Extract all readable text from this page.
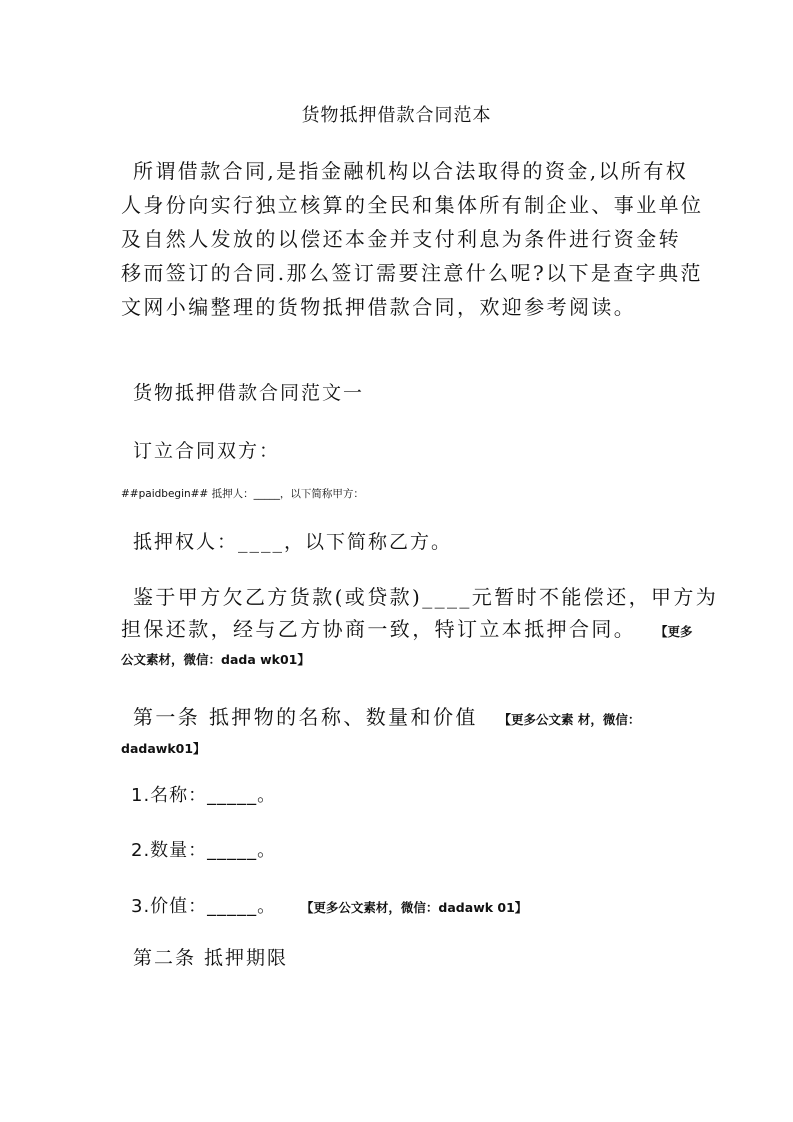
货物抵押借款合同范本
所谓借款合同,是指金融机构以合法取得的资金,以所有权
人身份向实行独立核算的全民和集体所有制企业、事业单位
及自然人发放的以偿还本金并支付利息为条件进行资金转
移而签订的合同.那么签订需要注意什么呢?以下是查字典范
文网小编整理的货物抵押借款合同，欢迎参考阅读。
货物抵押借款合同范文一
订立合同双方：
##paidbegin## 抵押人：_____，以下简称甲方：
抵押权人：____，以下简称乙方。
鉴于甲方欠乙方货款(或贷款)____元暂时不能偿还，甲方为
担保还款，经与乙方协商一致，特订立本抵押合同。 【更多
公文素材，微信：dada wk01】
第一条 抵押物的名称、数量和价值 【更多公文素 材，微信：
dadawk01】
1.名称：_____。
2.数量：_____。
3.价值：_____。 【更多公文素材，微信：dadawk 01】
第二条 抵押期限
